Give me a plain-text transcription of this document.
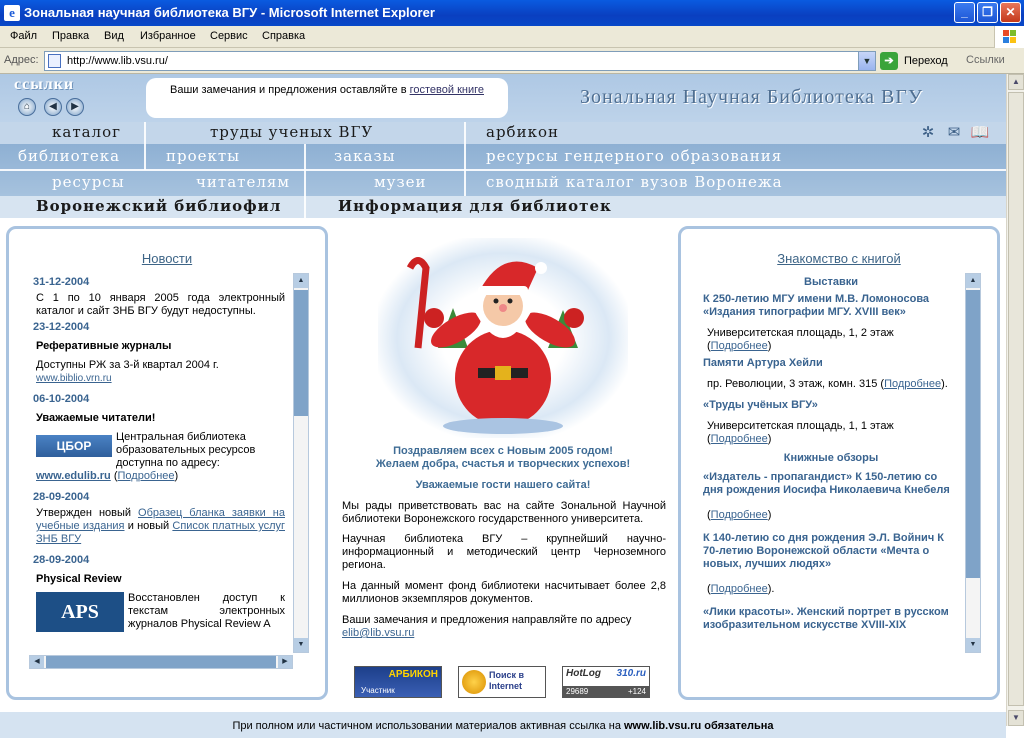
e Зональная научная библиотека ВГУ - Microsoft Internet Explorer	_	❐	✕
Файл Правка Вид Избранное Сервис Справка
Адрес:	http://www.lib.vsu.ru/	▼	➔ Переход Ссылки
ссылки
⌂	◀	▶
Ваши замечания и предложения оставляйте в гостевой книге	Зональная Научная Библиотека ВГУ
каталог	труды ученых ВГУ	арбикон
библиотека	проекты	заказы	ресурсы гендерного образования
ресурсы	читателям	музеи	сводный каталог вузов Воронежа
Воронежский библиофил	Информация для библиотек
✲ ✉ 📖
Новости
31-12-2004
С 1 по 10 января 2005 года электронный каталог и сайт ЗНБ ВГУ будут недоступны.
23-12-2004
Реферативные журналы
Доступны РЖ за 3-й квартал 2004 г.
www.biblio.vrn.ru
06-10-2004
Уважаемые читатели!
ЦБОР
Центральная библиотека образовательных ресурсов доступна по адресу:
www.edulib.ru (Подробнее)
28-09-2004
Утвержден новый Образец бланка заявки на учебные издания и новый Список платных услуг ЗНБ ВГУ
28-09-2004
Physical Review
APS
Восстановлен доступ к текстам электронных журналов Physical Review A
▲
▼
◀	▶
Поздравляем всех с Новым 2005 годом!
Желаем добра, счастья и творческих успехов!
Уважаемые гости нашего сайта!
Мы рады приветствовать вас на сайте Зональной Научной библиотеки Воронежского государственного университета.
Научная библиотека ВГУ – крупнейший научно-информационный и методический центр Черноземного региона.
На данный момент фонд библиотеки насчитывает более 2,8 миллионов экземпляров документов.
Ваши замечания и предложения направляйте по адресу
elib@lib.vsu.ru
АРБИКОН
Участник
Поиск в Internet
HotLog 310.ru
29689	+124
Знакомство с книгой
Выставки
К 250-летию МГУ имени М.В. Ломоносова «Издания типографии МГУ. XVIII век»
Университетская площадь, 1, 2 этаж
(Подробнее)
Памяти Артура Хейли
пр. Революции, 3 этаж, комн. 315 (Подробнее).
«Труды учёных ВГУ»
Университетская площадь, 1, 1 этаж
(Подробнее)
Книжные обзоры
«Издатель - пропагандист» К 150-летию со дня рождения Иосифа Николаевича Кнебеля
(Подробнее)
К 140-летию со дня рождения Э.Л. Войнич К 70-летию Воронежской области «Мечта о новых, лучших людях»
(Подробнее).
«Лики красоты». Женский портрет в русском изобразительном искусстве XVIII-XIX
▲
▼
При полном или частичном использовании материалов активная ссылка на www.lib.vsu.ru обязательна
▲
▼
